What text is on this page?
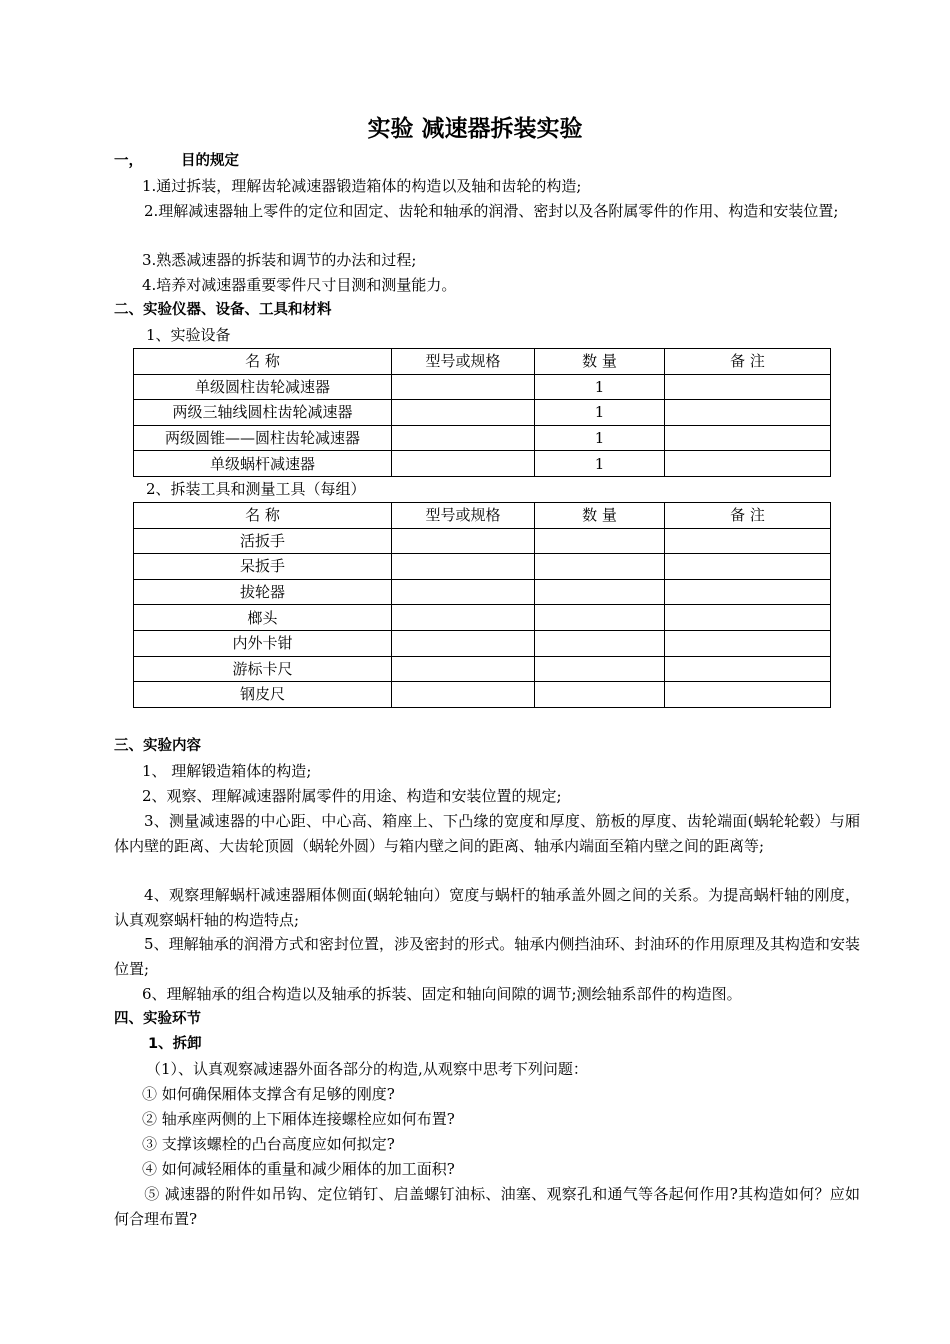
实验 减速器拆装实验
一，	目的规定
1.通过拆装，理解齿轮减速器锻造箱体的构造以及轴和齿轮的构造;
2.理解减速器轴上零件的定位和固定、齿轮和轴承的润滑、密封以及各附属零件的作用、构造和安装位置;
3.熟悉减速器的拆装和调节的办法和过程;
4.培养对减速器重要零件尺寸目测和测量能力。
二、实验仪器、设备、工具和材料
1、实验设备
名 称	型号或规格	数 量	备 注
单级圆柱齿轮减速器		1	
两级三轴线圆柱齿轮减速器		1	
两级圆锥——圆柱齿轮减速器		1	
单级蜗杆减速器		1	
2、拆装工具和测量工具（每组）
名 称	型号或规格	数 量	备 注
活扳手			
呆扳手			
拔轮器			
榔头			
内外卡钳			
游标卡尺			
钢皮尺			
三、实验内容
1、 理解锻造箱体的构造;
2、观察、理解减速器附属零件的用途、构造和安装位置的规定;
3、测量减速器的中心距、中心高、箱座上、下凸缘的宽度和厚度、筋板的厚度、齿轮端面(蜗轮轮毂）与厢体内壁的距离、大齿轮顶圆（蜗轮外圆）与箱内壁之间的距离、轴承内端面至箱内壁之间的距离等;
4、观察理解蜗杆减速器厢体侧面(蜗轮轴向）宽度与蜗杆的轴承盖外圆之间的关系。为提高蜗杆轴的刚度，认真观察蜗杆轴的构造特点;
5、理解轴承的润滑方式和密封位置，涉及密封的形式。轴承内侧挡油环、封油环的作用原理及其构造和安装位置;
6、理解轴承的组合构造以及轴承的拆装、固定和轴向间隙的调节;测绘轴系部件的构造图。
四、实验环节
1、拆卸
（1）、认真观察减速器外面各部分的构造,从观察中思考下列问题：
① 如何确保厢体支撑含有足够的刚度?
② 轴承座两侧的上下厢体连接螺栓应如何布置?
③ 支撑该螺栓的凸台高度应如何拟定?
④ 如何减轻厢体的重量和减少厢体的加工面积?
⑤ 减速器的附件如吊钩、定位销钉、启盖螺钉油标、油塞、观察孔和通气等各起何作用?其构造如何？应如何合理布置?
